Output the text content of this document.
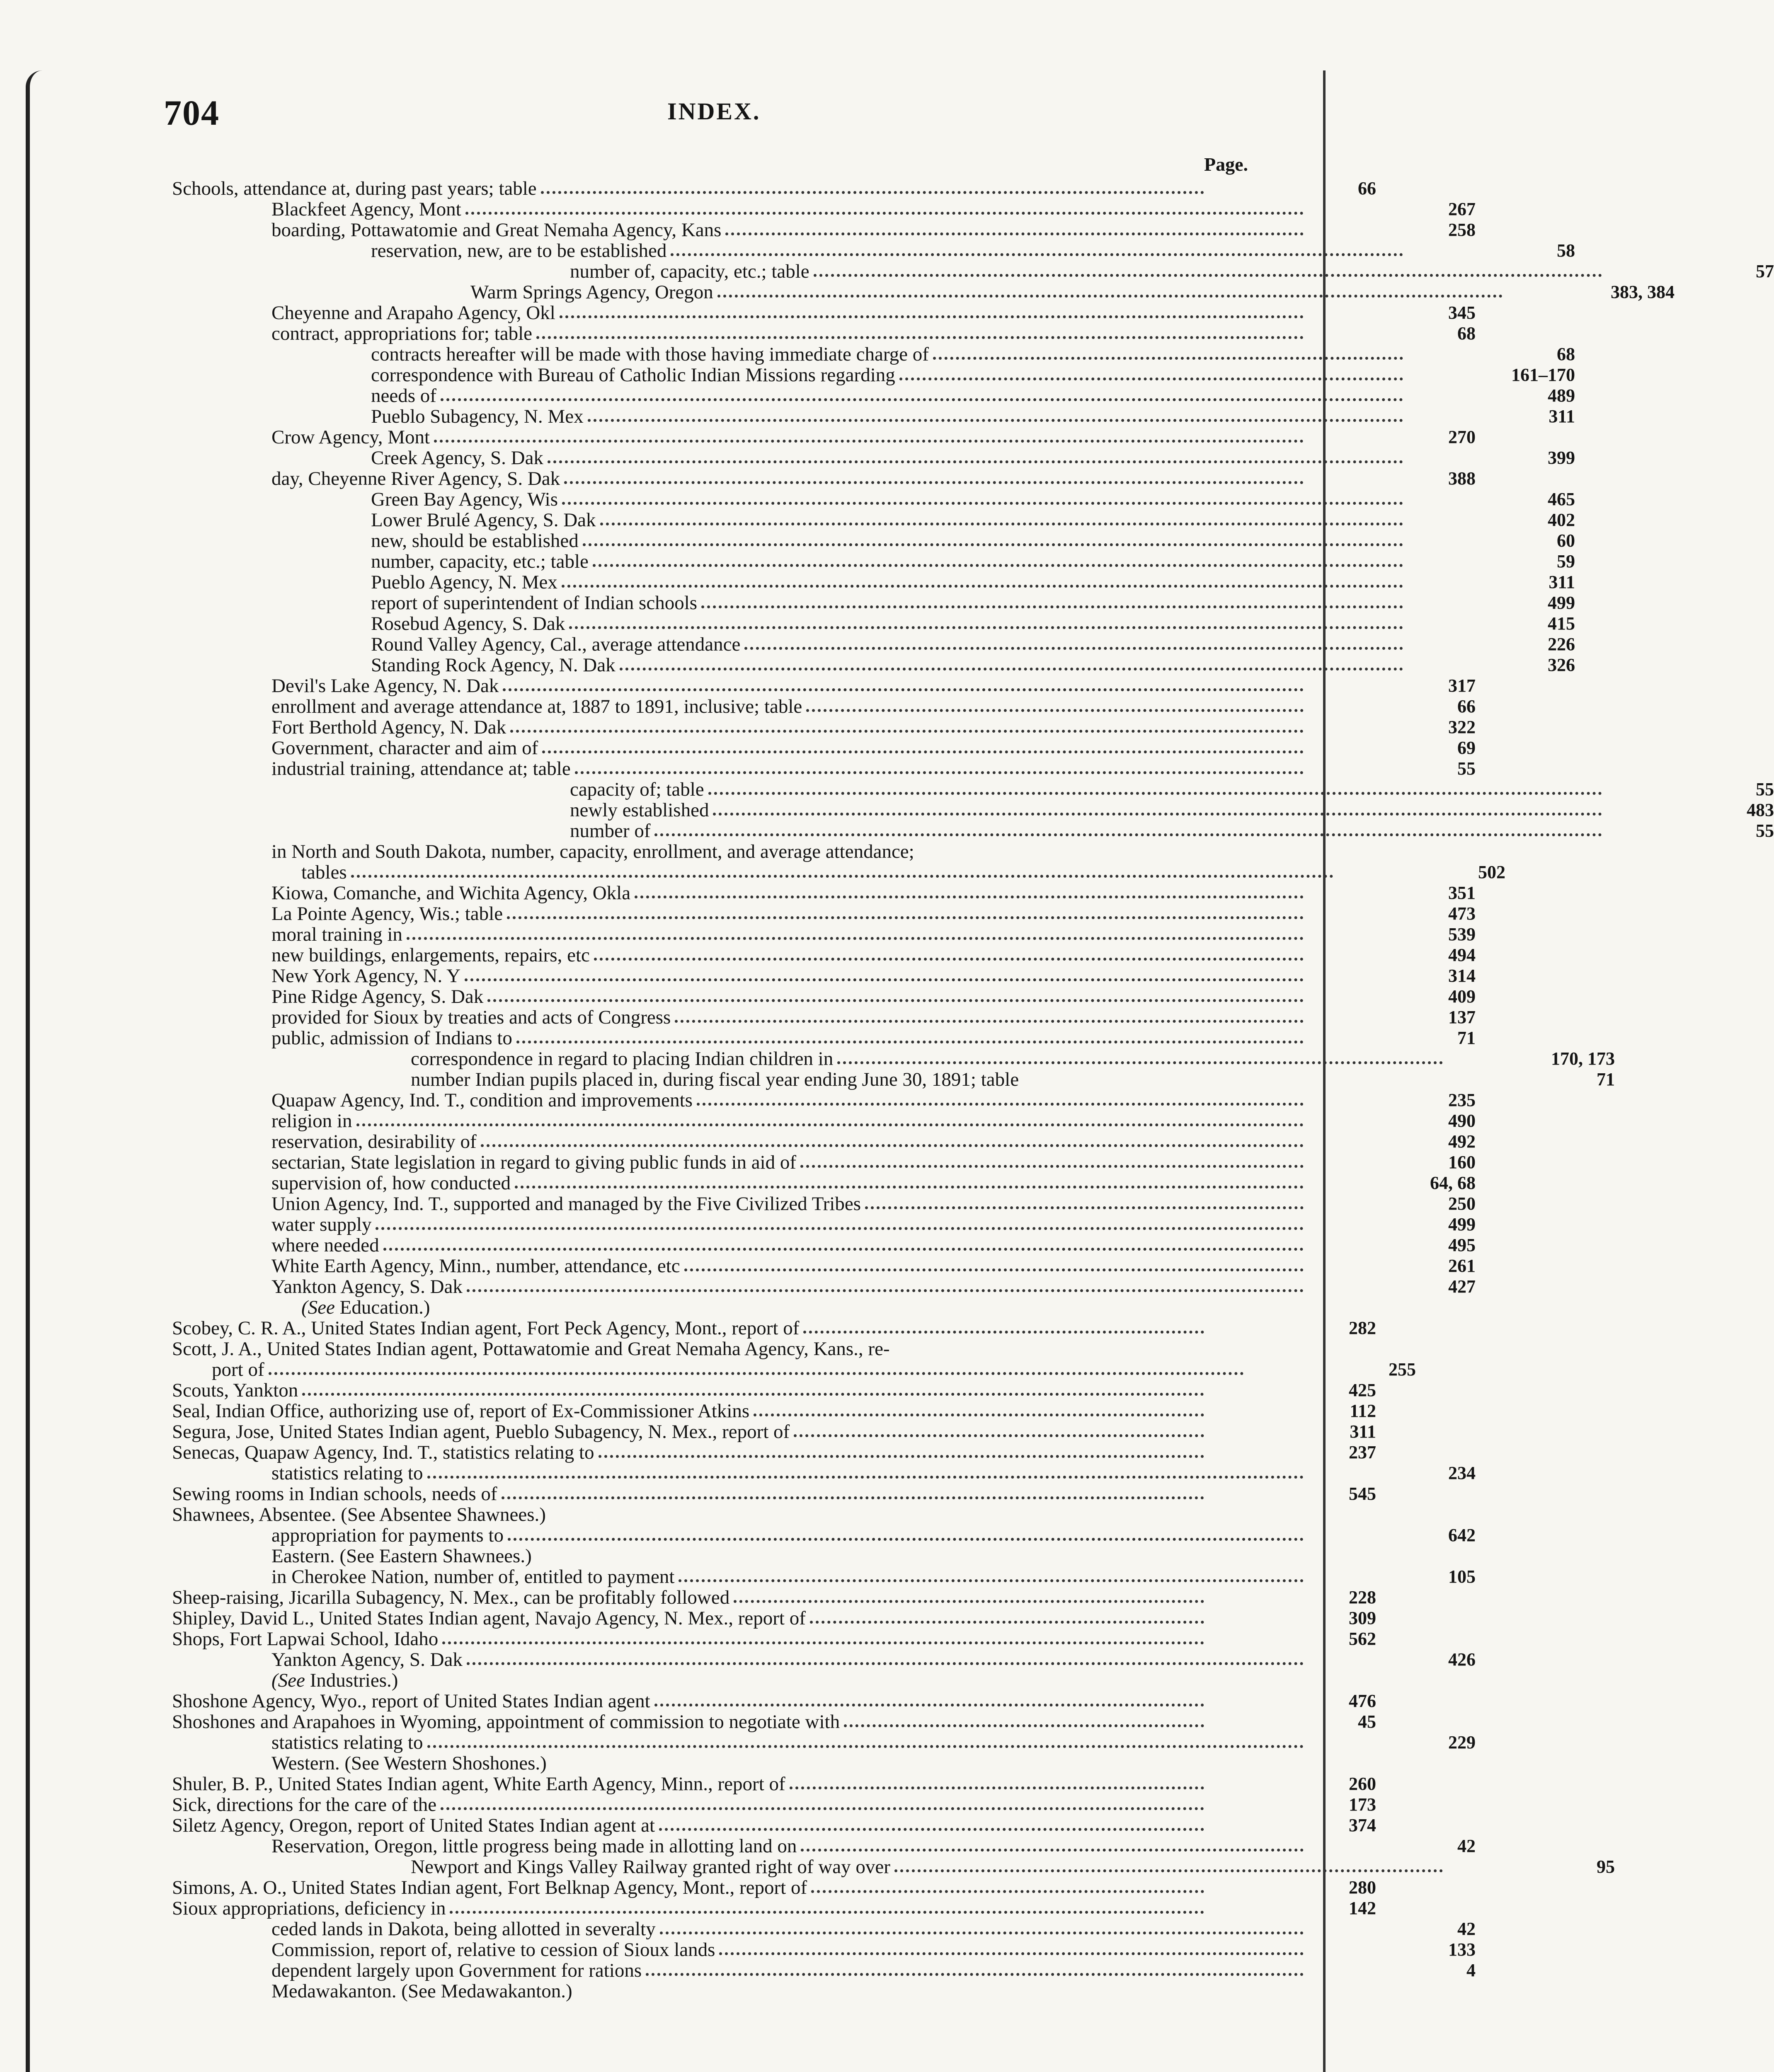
704	INDEX.
Page.
Schools, attendance at, during past years; table	66
Blackfeet Agency, Mont	267
boarding, Pottawatomie and Great Nemaha Agency, Kans	258
reservation, new, are to be established	58
number of, capacity, etc.; table	57
Warm Springs Agency, Oregon	383, 384
Cheyenne and Arapaho Agency, Okl	345
contract, appropriations for; table	68
contracts hereafter will be made with those having immediate charge of	68
correspondence with Bureau of Catholic Indian Missions regarding	161–170
needs of	489
Pueblo Subagency, N. Mex	311
Crow Agency, Mont	270
Creek Agency, S. Dak	399
day, Cheyenne River Agency, S. Dak	388
Green Bay Agency, Wis	465
Lower Brulé Agency, S. Dak	402
new, should be established	60
number, capacity, etc.; table	59
Pueblo Agency, N. Mex	311
report of superintendent of Indian schools	499
Rosebud Agency, S. Dak	415
Round Valley Agency, Cal., average attendance	226
Standing Rock Agency, N. Dak	326
Devil's Lake Agency, N. Dak	317
enrollment and average attendance at, 1887 to 1891, inclusive; table	66
Fort Berthold Agency, N. Dak	322
Government, character and aim of	69
industrial training, attendance at; table	55
capacity of; table	55
newly established	483
number of	55
in North and South Dakota, number, capacity, enrollment, and average attendance;
tables	502
Kiowa, Comanche, and Wichita Agency, Okla	351
La Pointe Agency, Wis.; table	473
moral training in	539
new buildings, enlargements, repairs, etc	494
New York Agency, N. Y	314
Pine Ridge Agency, S. Dak	409
provided for Sioux by treaties and acts of Congress	137
public, admission of Indians to	71
correspondence in regard to placing Indian children in	170, 173
number Indian pupils placed in, during fiscal year ending June 30, 1891; table	71
Quapaw Agency, Ind. T., condition and improvements	235
religion in	490
reservation, desirability of	492
sectarian, State legislation in regard to giving public funds in aid of	160
supervision of, how conducted	64, 68
Union Agency, Ind. T., supported and managed by the Five Civilized Tribes	250
water supply	499
where needed	495
White Earth Agency, Minn., number, attendance, etc	261
Yankton Agency, S. Dak	427
(See Education.)
Scobey, C. R. A., United States Indian agent, Fort Peck Agency, Mont., report of	282
Scott, J. A., United States Indian agent, Pottawatomie and Great Nemaha Agency, Kans., re-
port of	255
Scouts, Yankton	425
Seal, Indian Office, authorizing use of, report of Ex-Commissioner Atkins	112
Segura, Jose, United States Indian agent, Pueblo Subagency, N. Mex., report of	311
Senecas, Quapaw Agency, Ind. T., statistics relating to	237
statistics relating to	234
Sewing rooms in Indian schools, needs of	545
Shawnees, Absentee. (See Absentee Shawnees.)
appropriation for payments to	642
Eastern. (See Eastern Shawnees.)
in Cherokee Nation, number of, entitled to payment	105
Sheep-raising, Jicarilla Subagency, N. Mex., can be profitably followed	228
Shipley, David L., United States Indian agent, Navajo Agency, N. Mex., report of	309
Shops, Fort Lapwai School, Idaho	562
Yankton Agency, S. Dak	426
(See Industries.)
Shoshone Agency, Wyo., report of United States Indian agent	476
Shoshones and Arapahoes in Wyoming, appointment of commission to negotiate with	45
statistics relating to	229
Western. (See Western Shoshones.)
Shuler, B. P., United States Indian agent, White Earth Agency, Minn., report of	260
Sick, directions for the care of the	173
Siletz Agency, Oregon, report of United States Indian agent at	374
Reservation, Oregon, little progress being made in allotting land on	42
Newport and Kings Valley Railway granted right of way over	95
Simons, A. O., United States Indian agent, Fort Belknap Agency, Mont., report of	280
Sioux appropriations, deficiency in	142
ceded lands in Dakota, being allotted in severalty	42
Commission, report of, relative to cession of Sioux lands	133
dependent largely upon Government for rations	4
Medawakanton. (See Medawakanton.)
